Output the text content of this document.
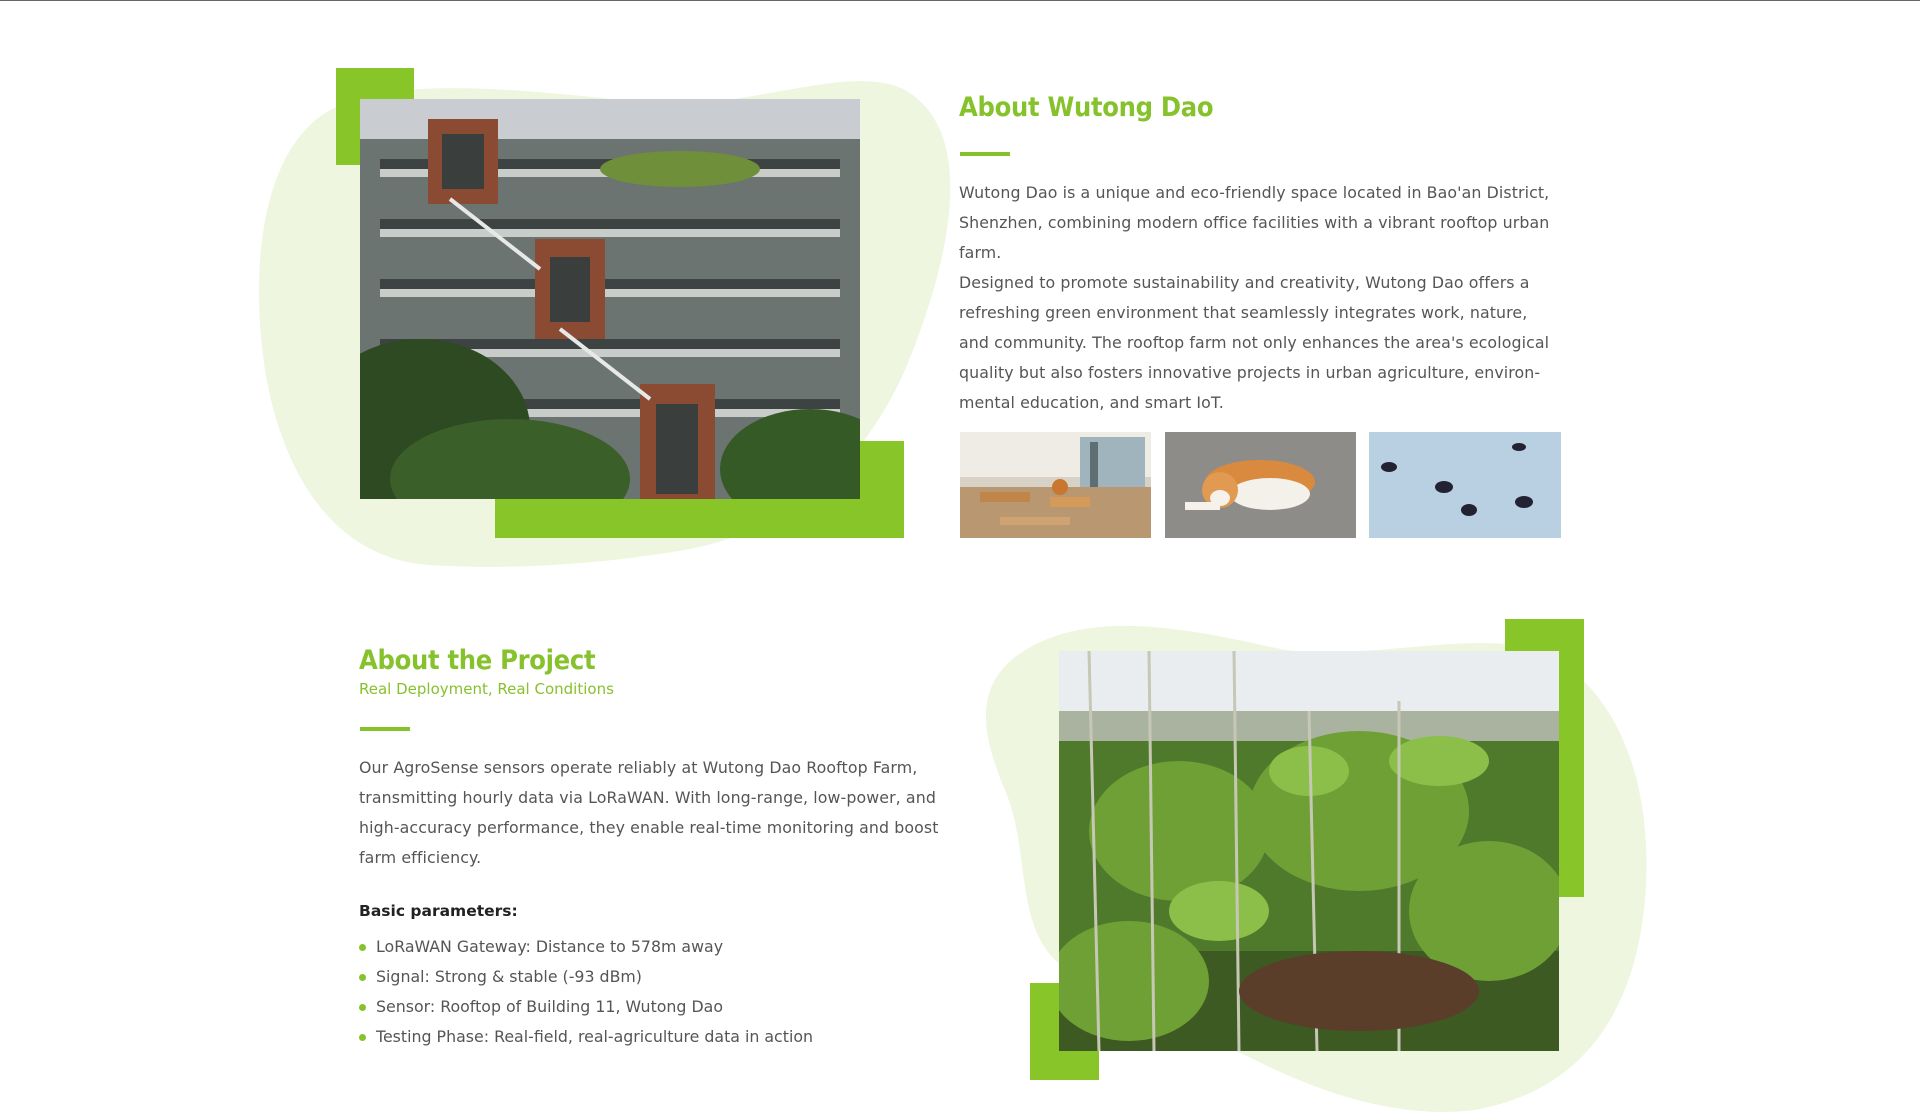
About Wutong Dao

Wutong Dao is a unique and eco-friendly space located in Bao'an District, Shenzhen, combining modern office facilities with a vibrant rooftop urban farm.

Designed to promote sustainability and creativity, Wutong Dao offers a refreshing green environment that seamlessly integrates work, nature, and community. The rooftop farm not only enhances the area's ecological quality but also fosters innovative projects in urban agriculture, environ-mental education, and smart IoT.

About the Project
Real Deployment, Real Conditions
Our AgroSense sensors operate reliably at Wutong Dao Rooftop Farm, transmitting hourly data via LoRaWAN. With long-range, low-power, and high-accuracy performance, they enable real-time monitoring and boost farm efficiency.
Basic parameters:
LoRaWAN Gateway: Distance to 578m away
Signal: Strong & stable (-93 dBm)
Sensor: Rooftop of Building 11, Wutong Dao
Testing Phase: Real-field, real-agriculture data in action
